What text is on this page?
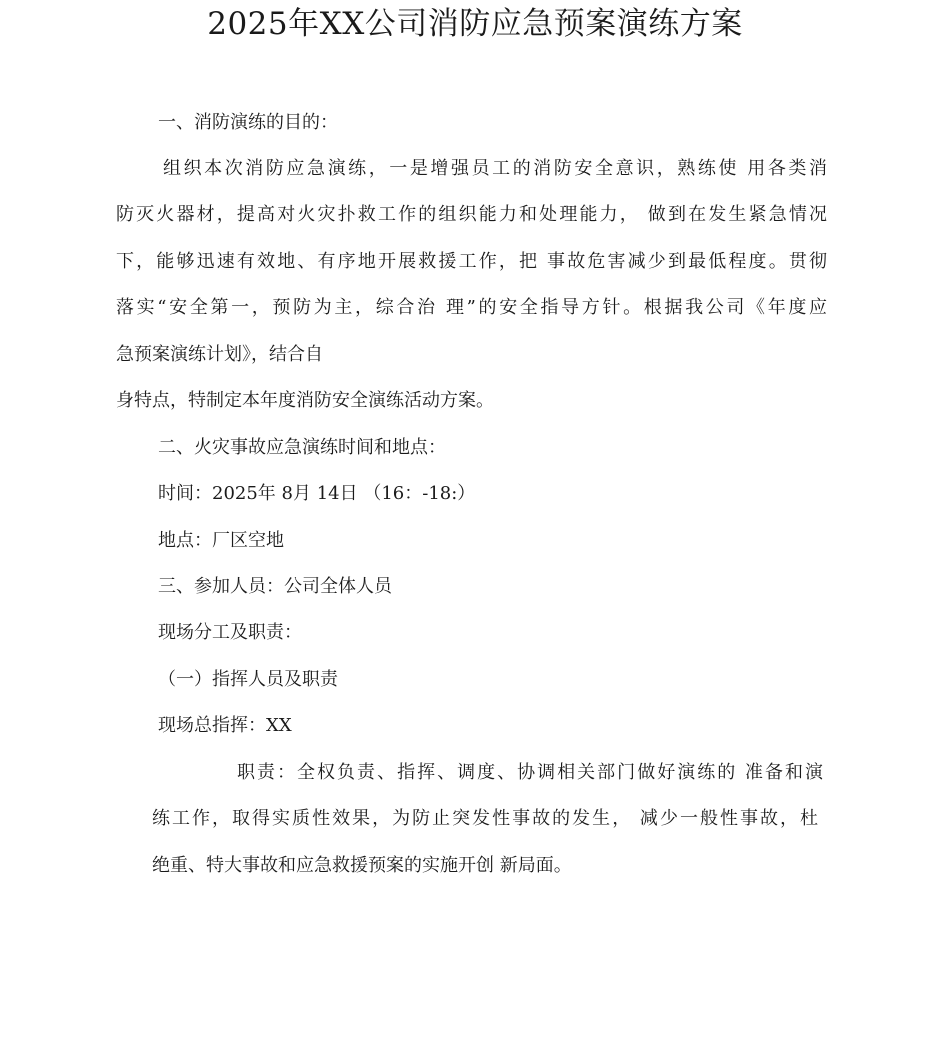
2025年XX公司消防应急预案演练方案

一、消防演练的目的：

组织本次消防应急演练，一是增强员工的消防安全意识，熟练使 用各类消

防灭火器材，提高对火灾扑救工作的组织能力和处理能力， 做到在发生紧急情况

下，能够迅速有效地、有序地开展救援工作，把 事故危害减少到最低程度。贯彻

落实“安全第一，预防为主，综合治 理”的安全指导方针。根据我公司《年度应

急预案演练计划》，结合自

身特点，特制定本年度消防安全演练活动方案。

二、火灾事故应急演练时间和地点：

时间：2025年 8月 14日 （16：-18:）

地点：厂区空地

三、参加人员：公司全体人员

现场分工及职责：

（一）指挥人员及职责

现场总指挥：XX

职责：全权负责、指挥、调度、协调相关部门做好演练的 准备和演

练工作，取得实质性效果，为防止突发性事故的发生， 减少一般性事故，杜

绝重、特大事故和应急救援预案的实施开创 新局面。
